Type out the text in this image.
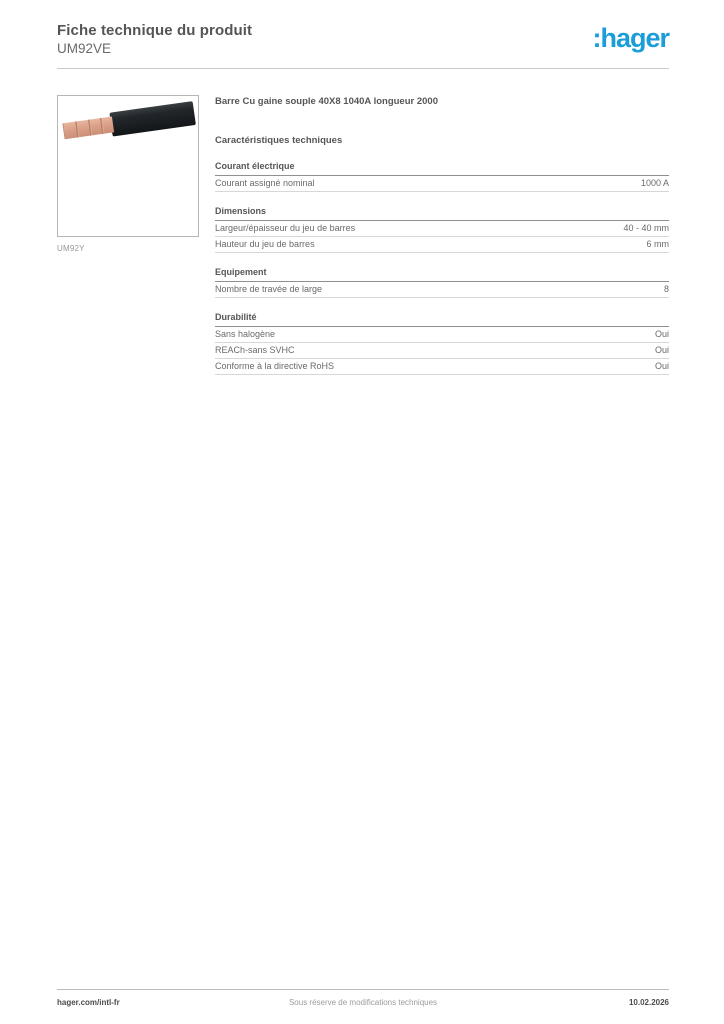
Fiche technique du produit
UM92VE	:hager
UM92Y
Barre Cu gaine souple 40X8 1040A longueur 2000
Caractéristiques techniques
Courant électrique
Courant assigné nominal	1000 A
Dimensions
Largeur/épaisseur du jeu de barres	40 - 40 mm
Hauteur du jeu de barres	6 mm
Equipement
Nombre de travée de large	8
Durabilité
Sans halogène	Oui
REACh-sans SVHC	Oui
Conforme à la directive RoHS	Oui
Sous réserve de modifications techniques
hager.com/intl-fr	10.02.2026
